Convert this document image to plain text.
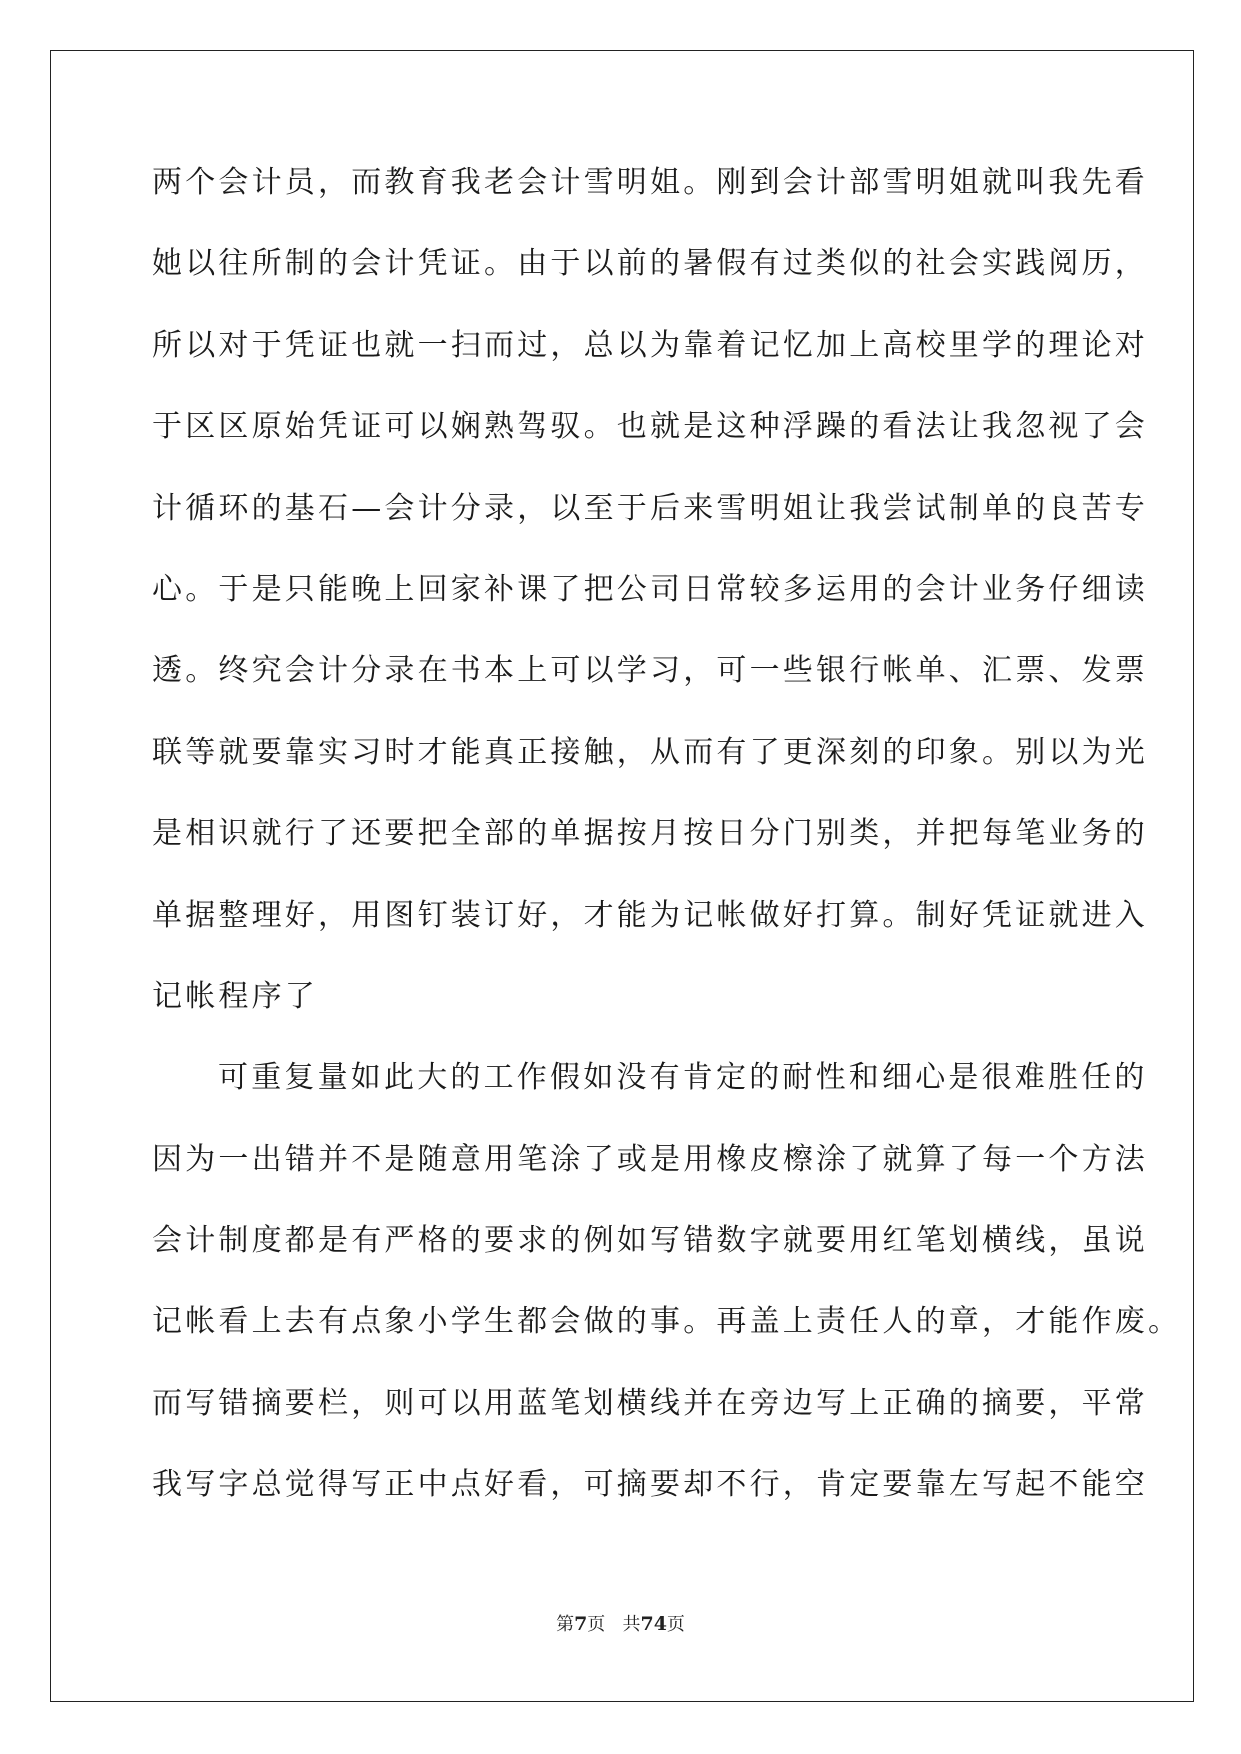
两个会计员，而教育我老会计雪明姐。刚到会计部雪明姐就叫我先看
她以往所制的会计凭证。由于以前的暑假有过类似的社会实践阅历，
所以对于凭证也就一扫而过，总以为靠着记忆加上高校里学的理论对
于区区原始凭证可以娴熟驾驭。也就是这种浮躁的看法让我忽视了会
计循环的基石—会计分录，以至于后来雪明姐让我尝试制单的良苦专
心。于是只能晚上回家补课了把公司日常较多运用的会计业务仔细读
透。终究会计分录在书本上可以学习，可一些银行帐单、汇票、发票
联等就要靠实习时才能真正接触，从而有了更深刻的印象。别以为光
是相识就行了还要把全部的单据按月按日分门别类，并把每笔业务的
单据整理好，用图钉装订好，才能为记帐做好打算。制好凭证就进入
记帐程序了
可重复量如此大的工作假如没有肯定的耐性和细心是很难胜任的
因为一出错并不是随意用笔涂了或是用橡皮檫涂了就算了每一个方法
会计制度都是有严格的要求的例如写错数字就要用红笔划横线，虽说
记帐看上去有点象小学生都会做的事。再盖上责任人的章，才能作废。
而写错摘要栏，则可以用蓝笔划横线并在旁边写上正确的摘要，平常
我写字总觉得写正中点好看，可摘要却不行，肯定要靠左写起不能空
第7页 共74页
